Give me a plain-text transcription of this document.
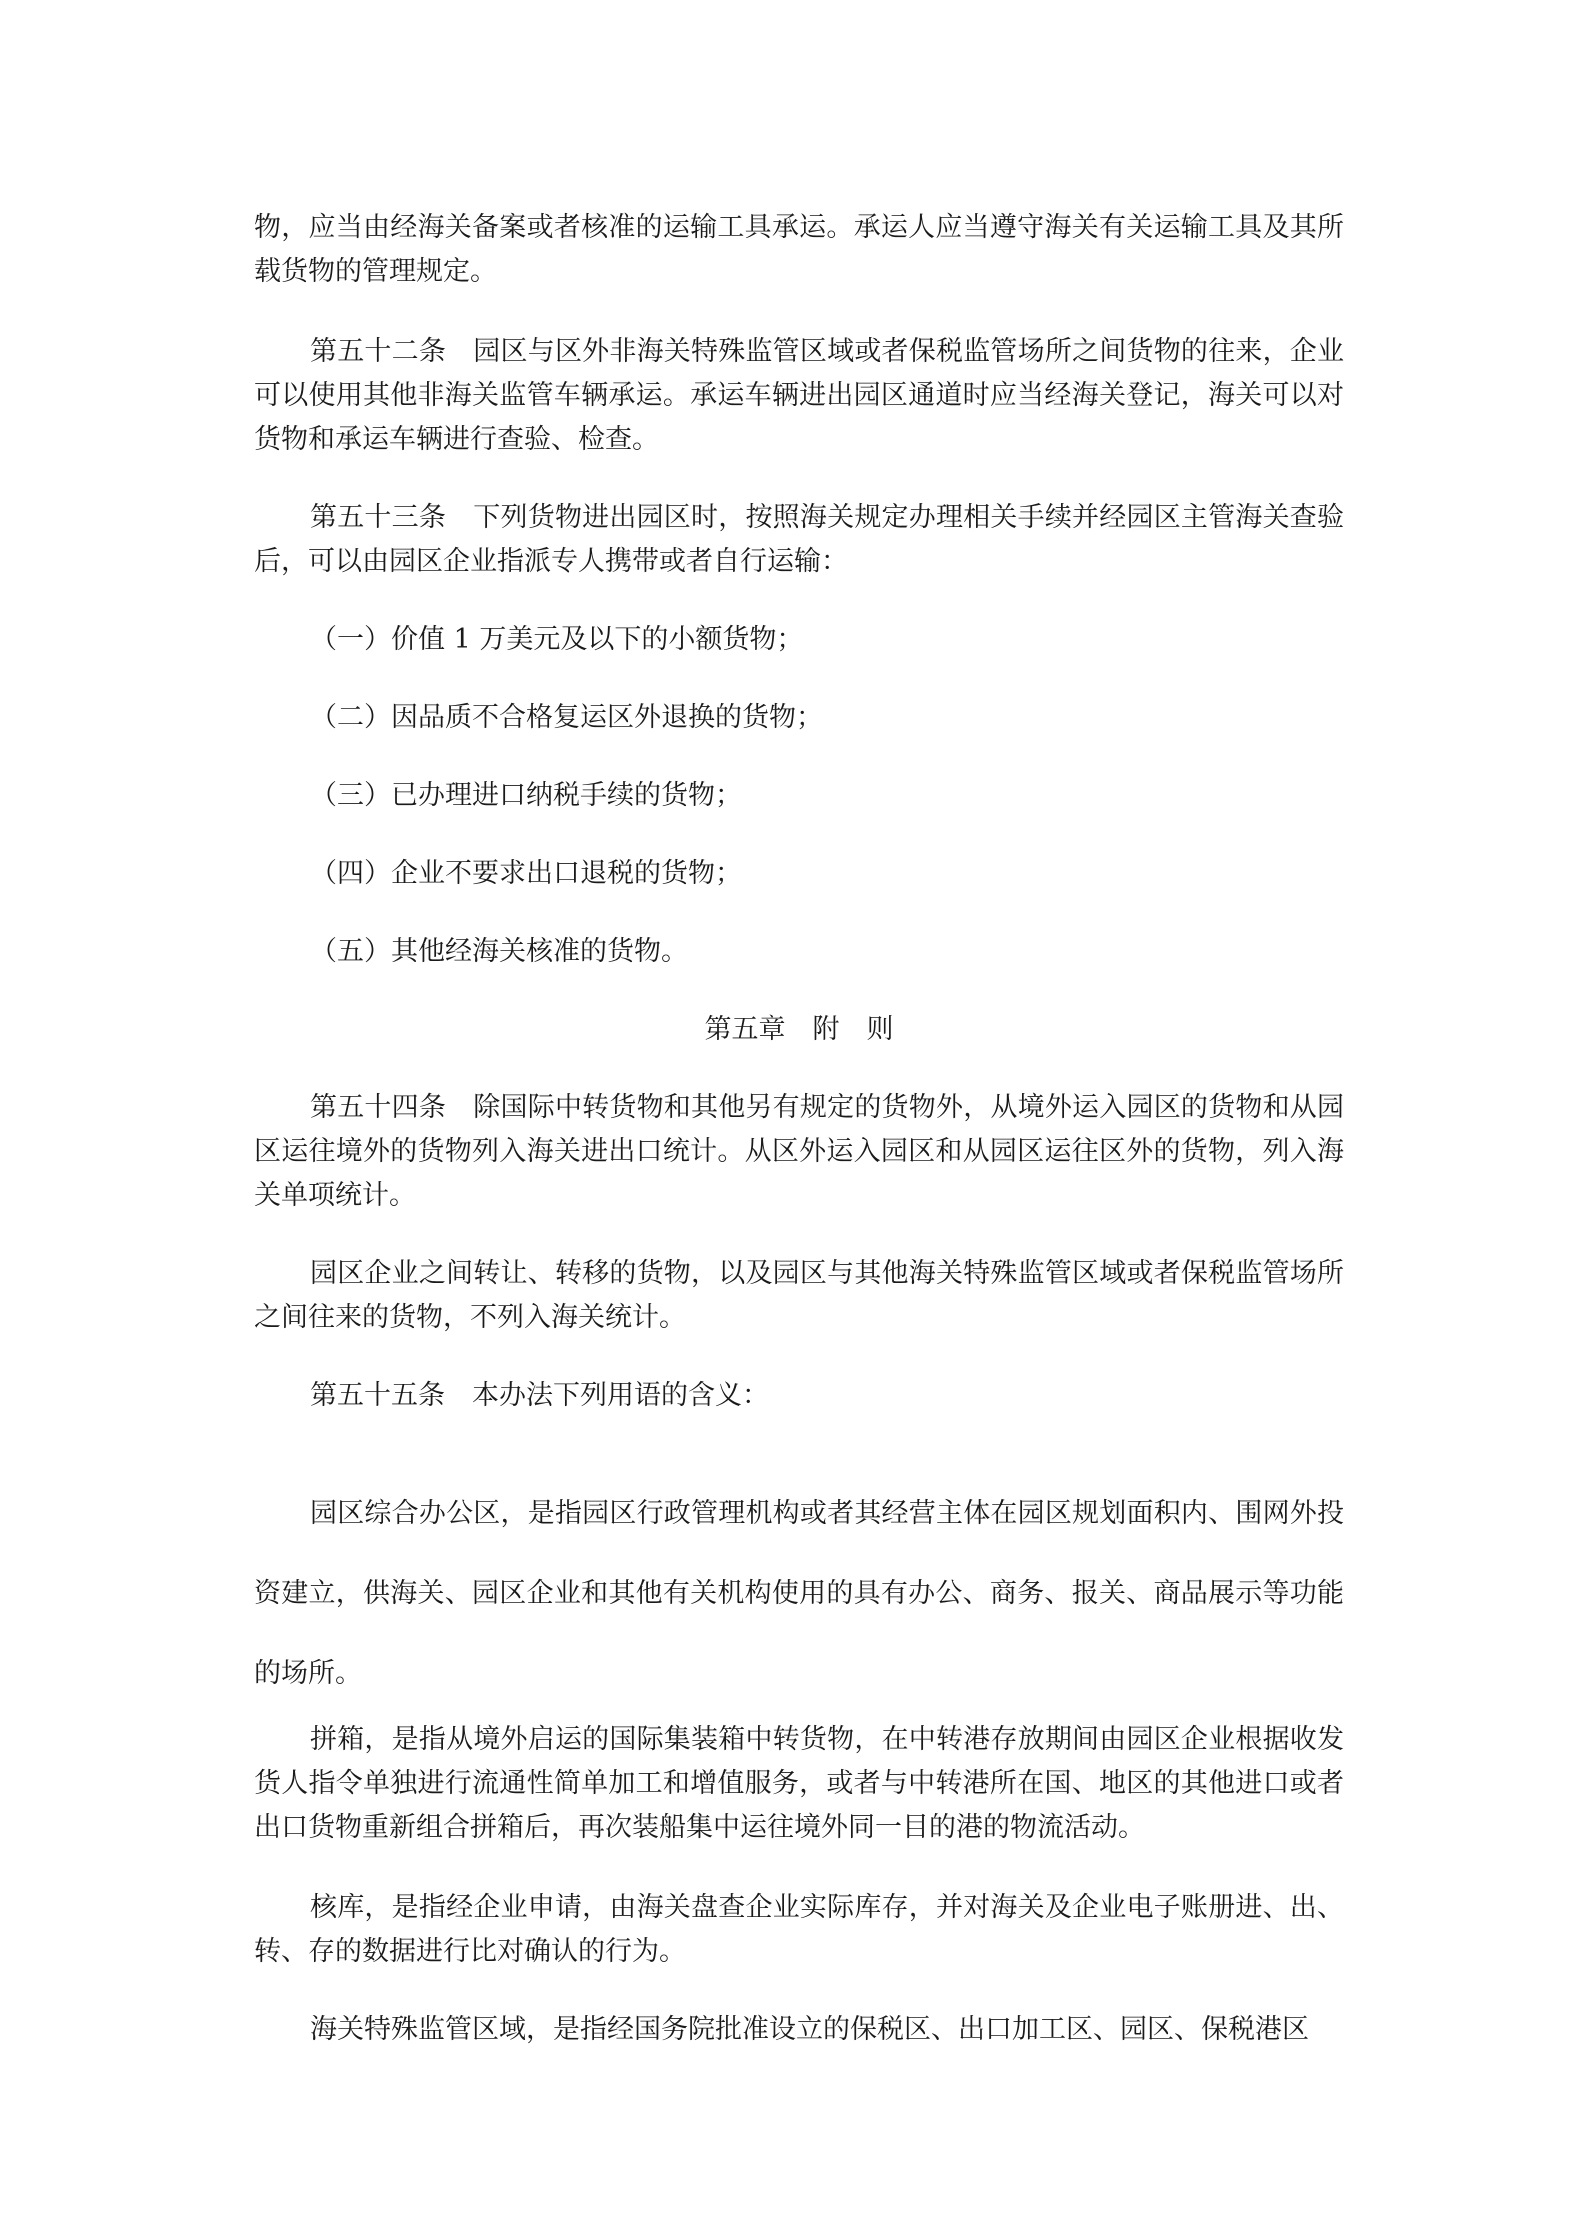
物，应当由经海关备案或者核准的运输工具承运。承运人应当遵守海关有关运输工具及其所载货物的管理规定。

第五十二条　园区与区外非海关特殊监管区域或者保税监管场所之间货物的往来，企业可以使用其他非海关监管车辆承运。承运车辆进出园区通道时应当经海关登记，海关可以对货物和承运车辆进行查验、检查。

第五十三条　下列货物进出园区时，按照海关规定办理相关手续并经园区主管海关查验后，可以由园区企业指派专人携带或者自行运输：

（一）价值 1 万美元及以下的小额货物；

（二）因品质不合格复运区外退换的货物；

（三）已办理进口纳税手续的货物；

（四）企业不要求出口退税的货物；

（五）其他经海关核准的货物。

第五章　附　则

第五十四条　除国际中转货物和其他另有规定的货物外，从境外运入园区的货物和从园区运往境外的货物列入海关进出口统计。从区外运入园区和从园区运往区外的货物，列入海关单项统计。

园区企业之间转让、转移的货物，以及园区与其他海关特殊监管区域或者保税监管场所之间往来的货物，不列入海关统计。

第五十五条　本办法下列用语的含义：

园区综合办公区，是指园区行政管理机构或者其经营主体在园区规划面积内、围网外投资建立，供海关、园区企业和其他有关机构使用的具有办公、商务、报关、商品展示等功能的场所。

拼箱，是指从境外启运的国际集装箱中转货物，在中转港存放期间由园区企业根据收发货人指令单独进行流通性简单加工和增值服务，或者与中转港所在国、地区的其他进口或者出口货物重新组合拼箱后，再次装船集中运往境外同一目的港的物流活动。

核库，是指经企业申请，由海关盘查企业实际库存，并对海关及企业电子账册进、出、转、存的数据进行比对确认的行为。

海关特殊监管区域，是指经国务院批准设立的保税区、出口加工区、园区、保税港区
